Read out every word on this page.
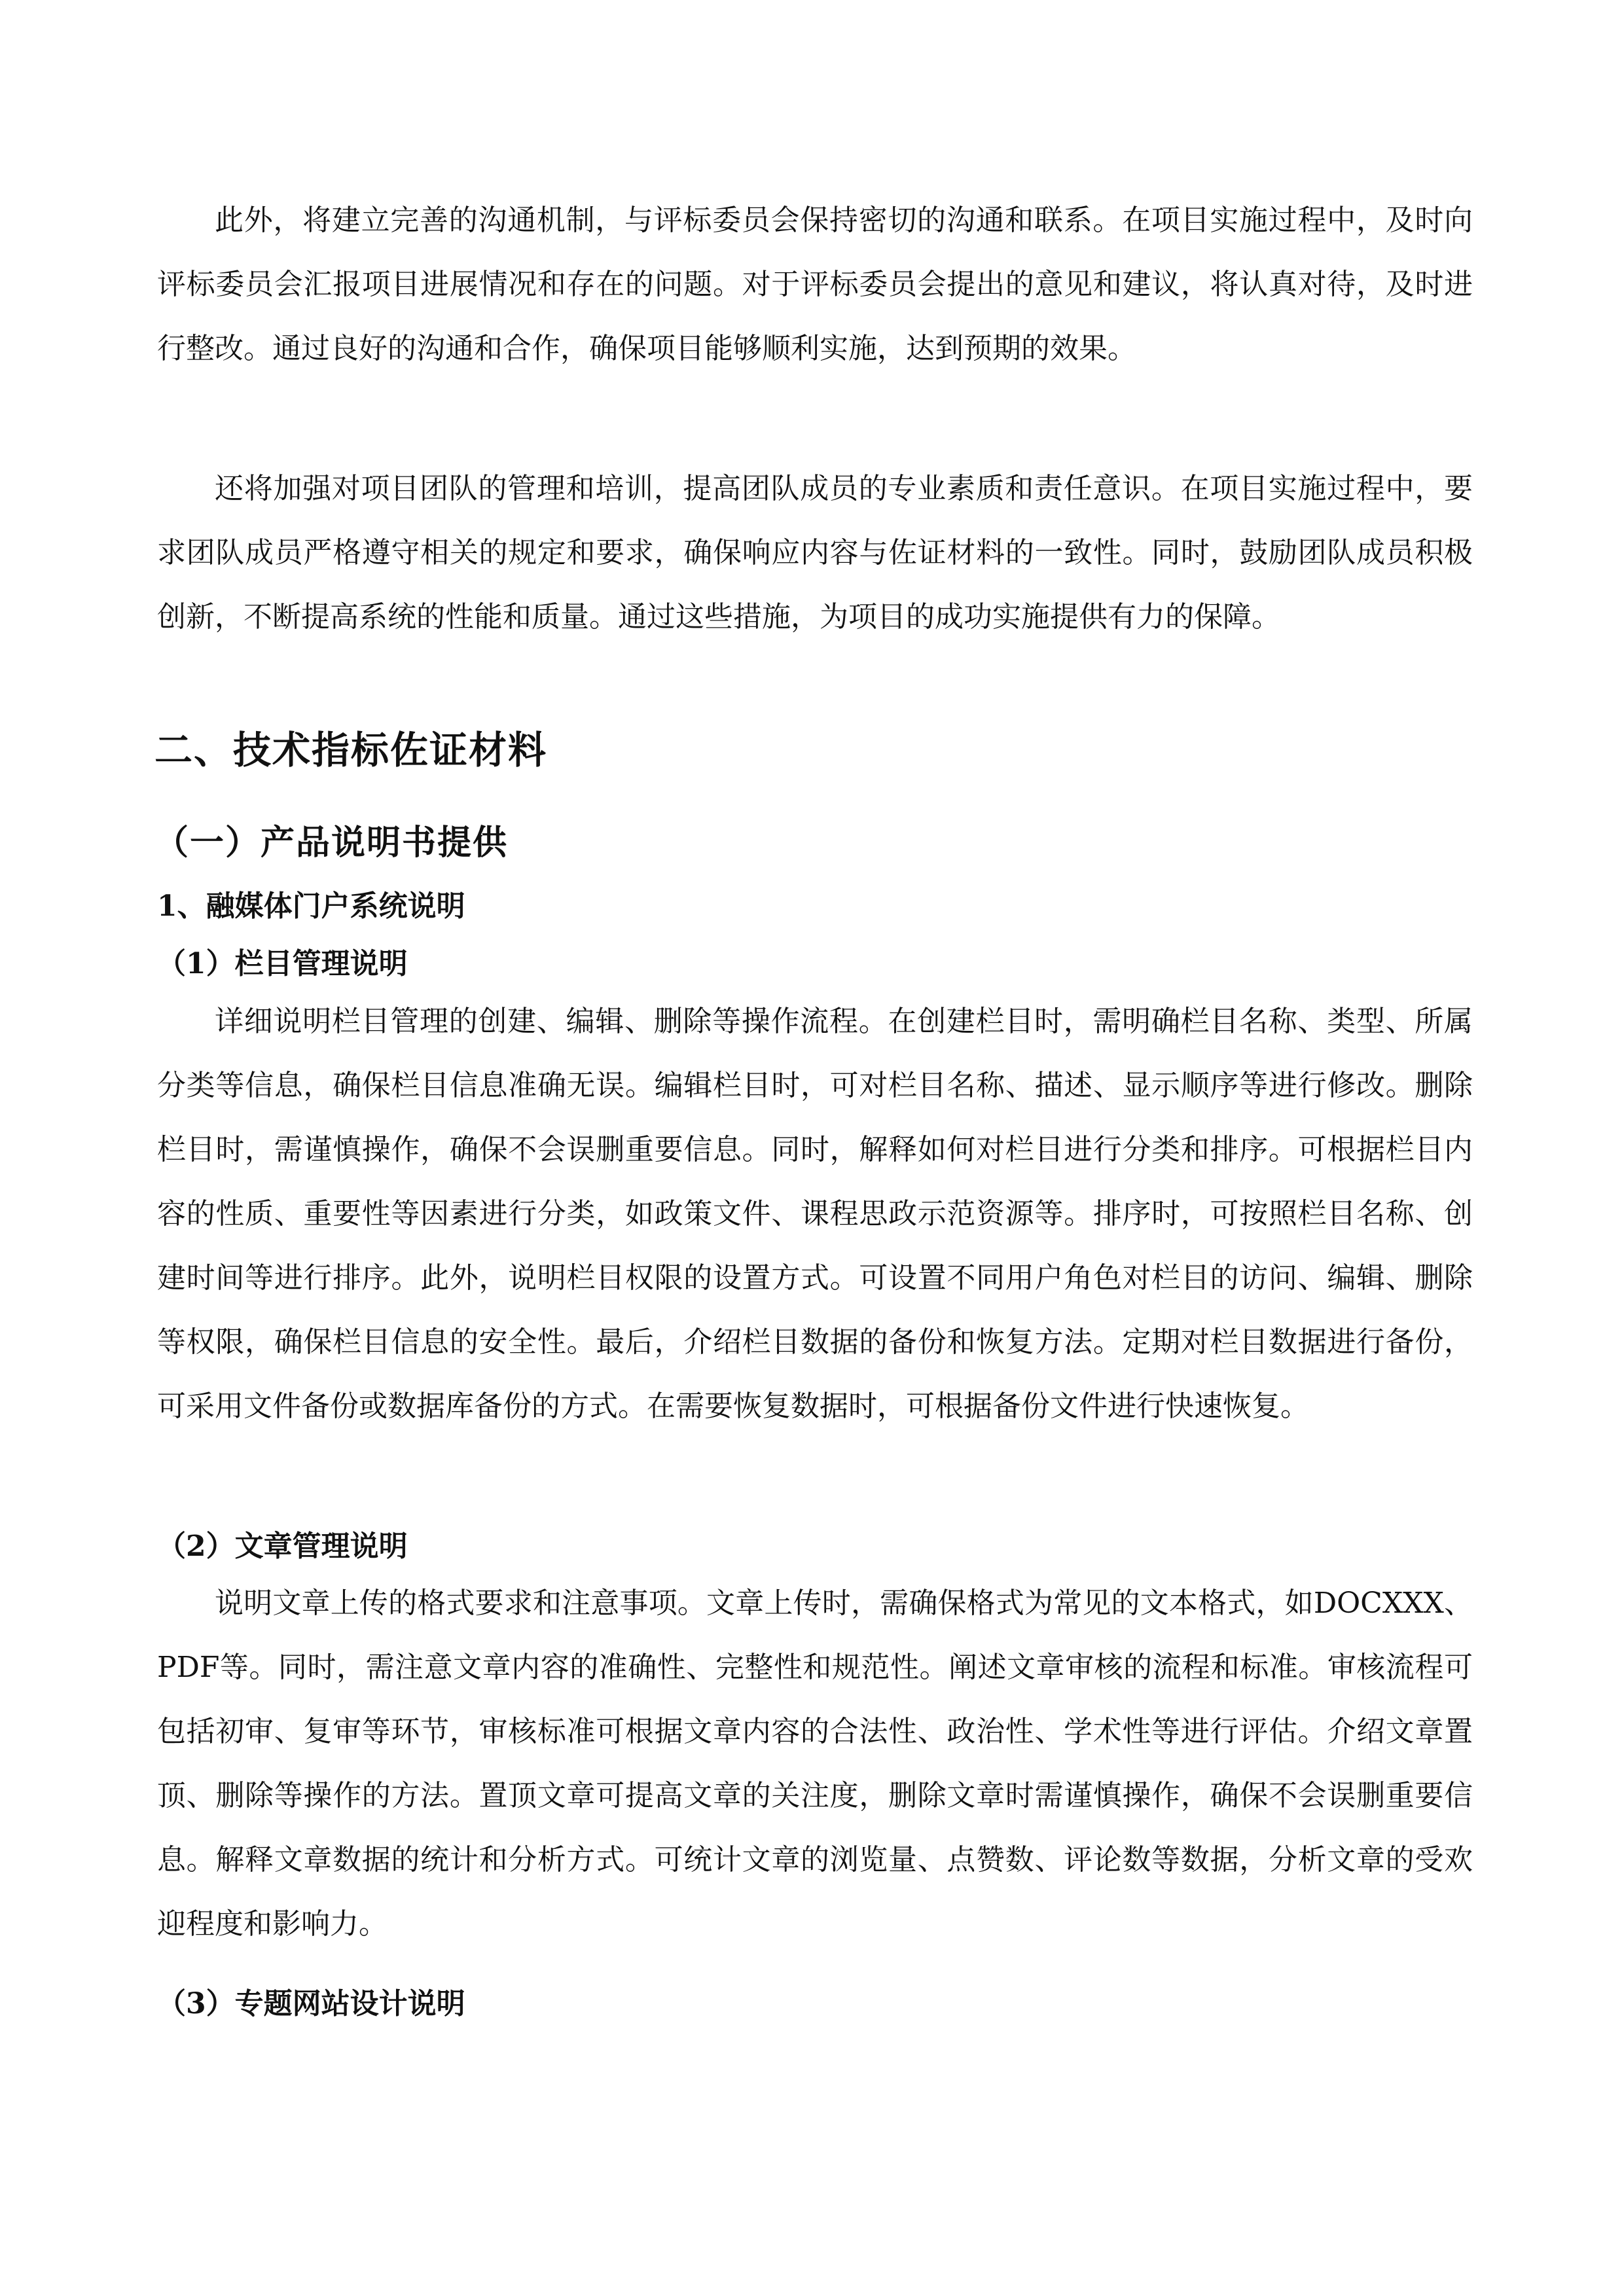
此外，将建立完善的沟通机制，与评标委员会保持密切的沟通和联系。在项目实施过程中，及时向评标委员会汇报项目进展情况和存在的问题。对于评标委员会提出的意见和建议，将认真对待，及时进行整改。通过良好的沟通和合作，确保项目能够顺利实施，达到预期的效果。

还将加强对项目团队的管理和培训，提高团队成员的专业素质和责任意识。在项目实施过程中，要求团队成员严格遵守相关的规定和要求，确保响应内容与佐证材料的一致性。同时，鼓励团队成员积极创新，不断提高系统的性能和质量。通过这些措施，为项目的成功实施提供有力的保障。

二、技术指标佐证材料
（一）产品说明书提供
1、融媒体门户系统说明
（1）栏目管理说明

详细说明栏目管理的创建、编辑、删除等操作流程。在创建栏目时，需明确栏目名称、类型、所属分类等信息，确保栏目信息准确无误。编辑栏目时，可对栏目名称、描述、显示顺序等进行修改。删除栏目时，需谨慎操作，确保不会误删重要信息。同时，解释如何对栏目进行分类和排序。可根据栏目内容的性质、重要性等因素进行分类，如政策文件、课程思政示范资源等。排序时，可按照栏目名称、创建时间等进行排序。此外，说明栏目权限的设置方式。可设置不同用户角色对栏目的访问、编辑、删除等权限，确保栏目信息的安全性。最后，介绍栏目数据的备份和恢复方法。定期对栏目数据进行备份，可采用文件备份或数据库备份的方式。在需要恢复数据时，可根据备份文件进行快速恢复。

（2）文章管理说明

说明文章上传的格式要求和注意事项。文章上传时，需确保格式为常见的文本格式，如DOCXXX、PDF等。同时，需注意文章内容的准确性、完整性和规范性。阐述文章审核的流程和标准。审核流程可包括初审、复审等环节，审核标准可根据文章内容的合法性、政治性、学术性等进行评估。介绍文章置顶、删除等操作的方法。置顶文章可提高文章的关注度，删除文章时需谨慎操作，确保不会误删重要信息。解释文章数据的统计和分析方式。可统计文章的浏览量、点赞数、评论数等数据，分析文章的受欢迎程度和影响力。

（3）专题网站设计说明
